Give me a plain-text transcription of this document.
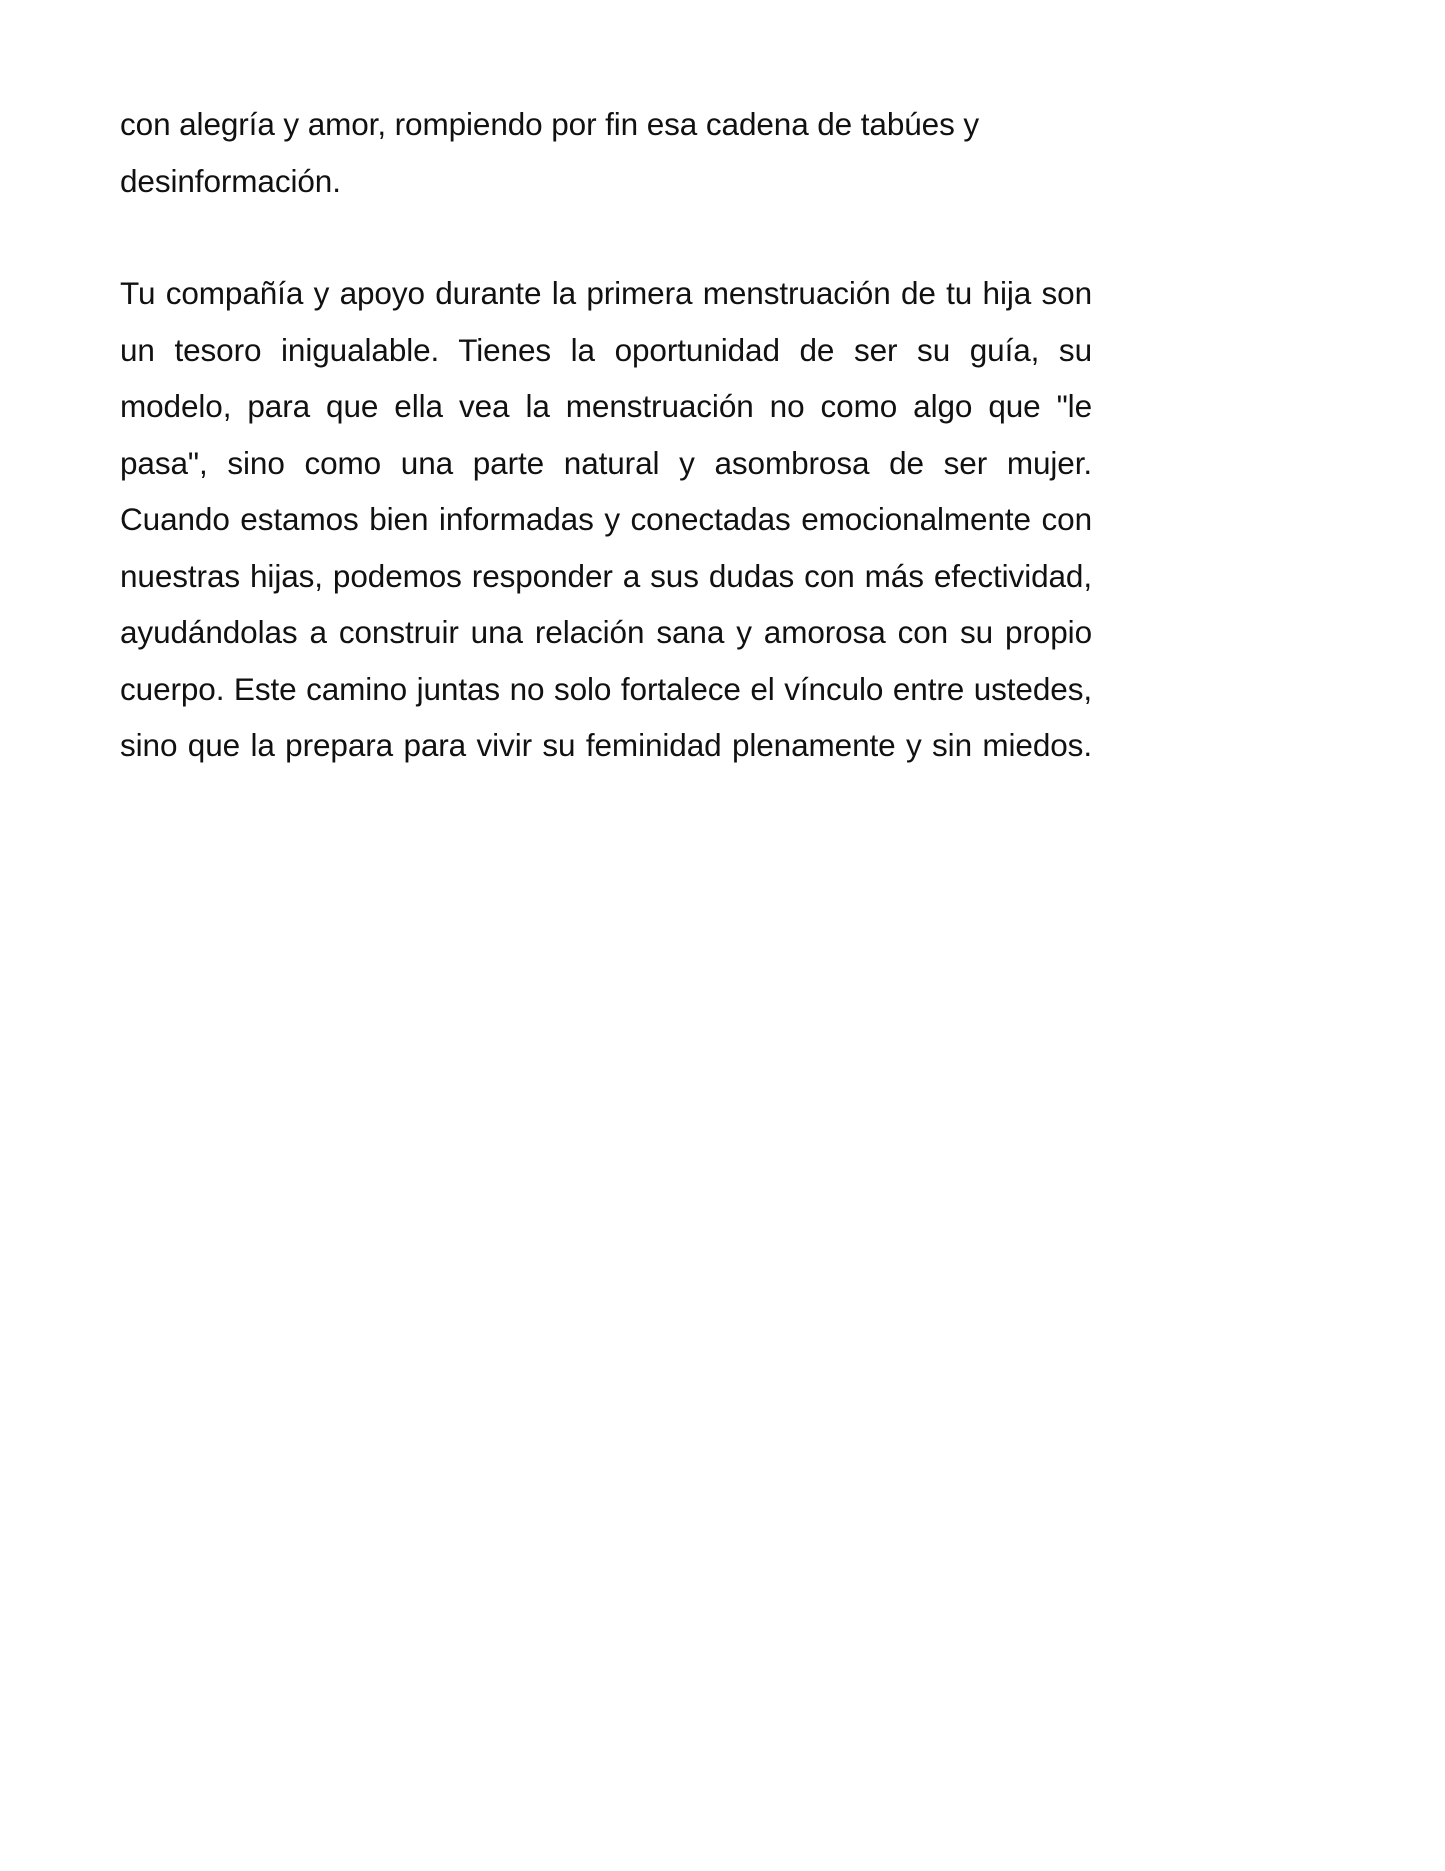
con alegría y amor, rompiendo por fin esa cadena de tabúes y desinformación.

Tu compañía y apoyo durante la primera menstruación de tu hija son un tesoro inigualable. Tienes la oportunidad de ser su guía, su modelo, para que ella vea la menstruación no como algo que "le pasa", sino como una parte natural y asombrosa de ser mujer. Cuando estamos bien informadas y conectadas emocionalmente con nuestras hijas, podemos responder a sus dudas con más efectividad, ayudándolas a construir una relación sana y amorosa con su propio cuerpo. Este camino juntas no solo fortalece el vínculo entre ustedes, sino que la prepara para vivir su feminidad plenamente y sin miedos.
